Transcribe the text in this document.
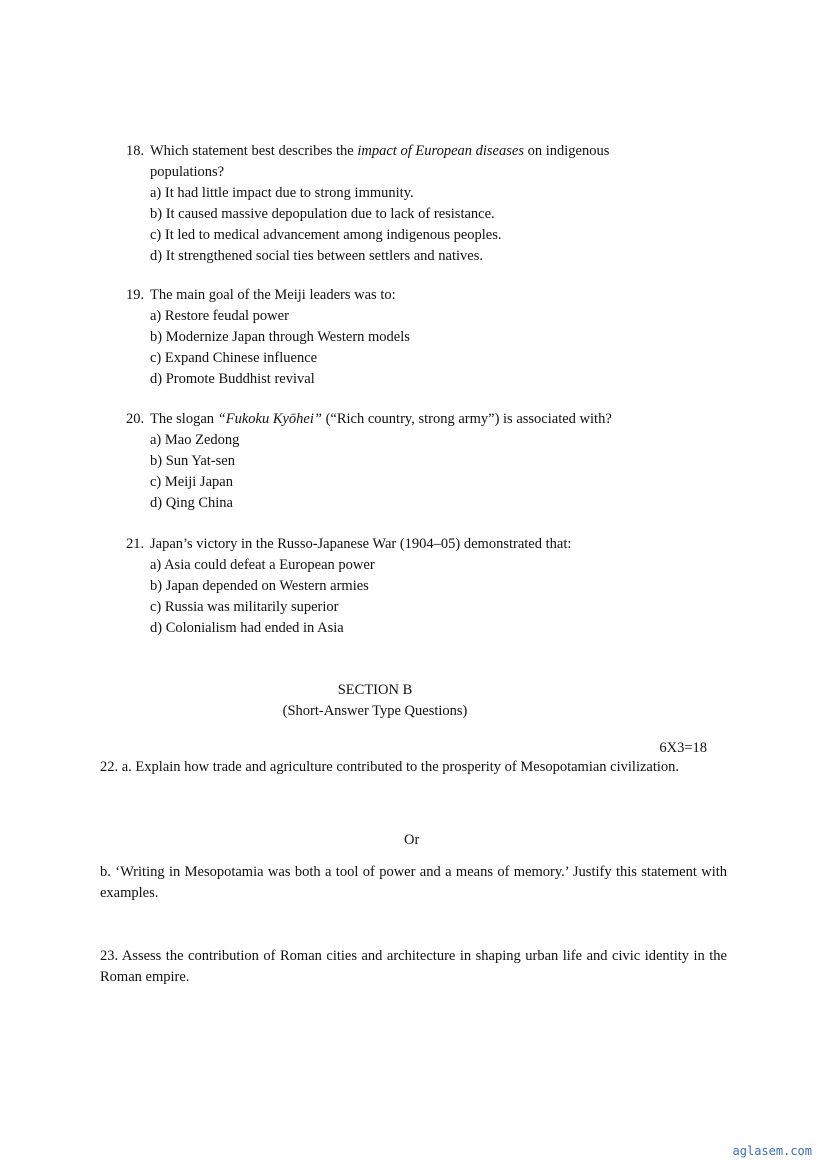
18. Which statement best describes the impact of European diseases on indigenous
populations?
a) It had little impact due to strong immunity.
b) It caused massive depopulation due to lack of resistance.
c) It led to medical advancement among indigenous peoples.
d) It strengthened social ties between settlers and natives.
19. The main goal of the Meiji leaders was to:
a) Restore feudal power
b) Modernize Japan through Western models
c) Expand Chinese influence
d) Promote Buddhist revival
20. The slogan “Fukoku Kyōhei” (“Rich country, strong army”) is associated with?
a) Mao Zedong
b) Sun Yat-sen
c) Meiji Japan
d) Qing China
21. Japan’s victory in the Russo-Japanese War (1904–05) demonstrated that:
a) Asia could defeat a European power
b) Japan depended on Western armies
c) Russia was militarily superior
d) Colonialism had ended in Asia
SECTION B
(Short-Answer Type Questions)
6X3=18
22. a. Explain how trade and agriculture contributed to the prosperity of Mesopotamian civilization.
Or
b. ‘Writing in Mesopotamia was both a tool of power and a means of memory.’ Justify this statement with examples.
23. Assess the contribution of Roman cities and architecture in shaping urban life and civic identity in the Roman empire.
aglasem.com
